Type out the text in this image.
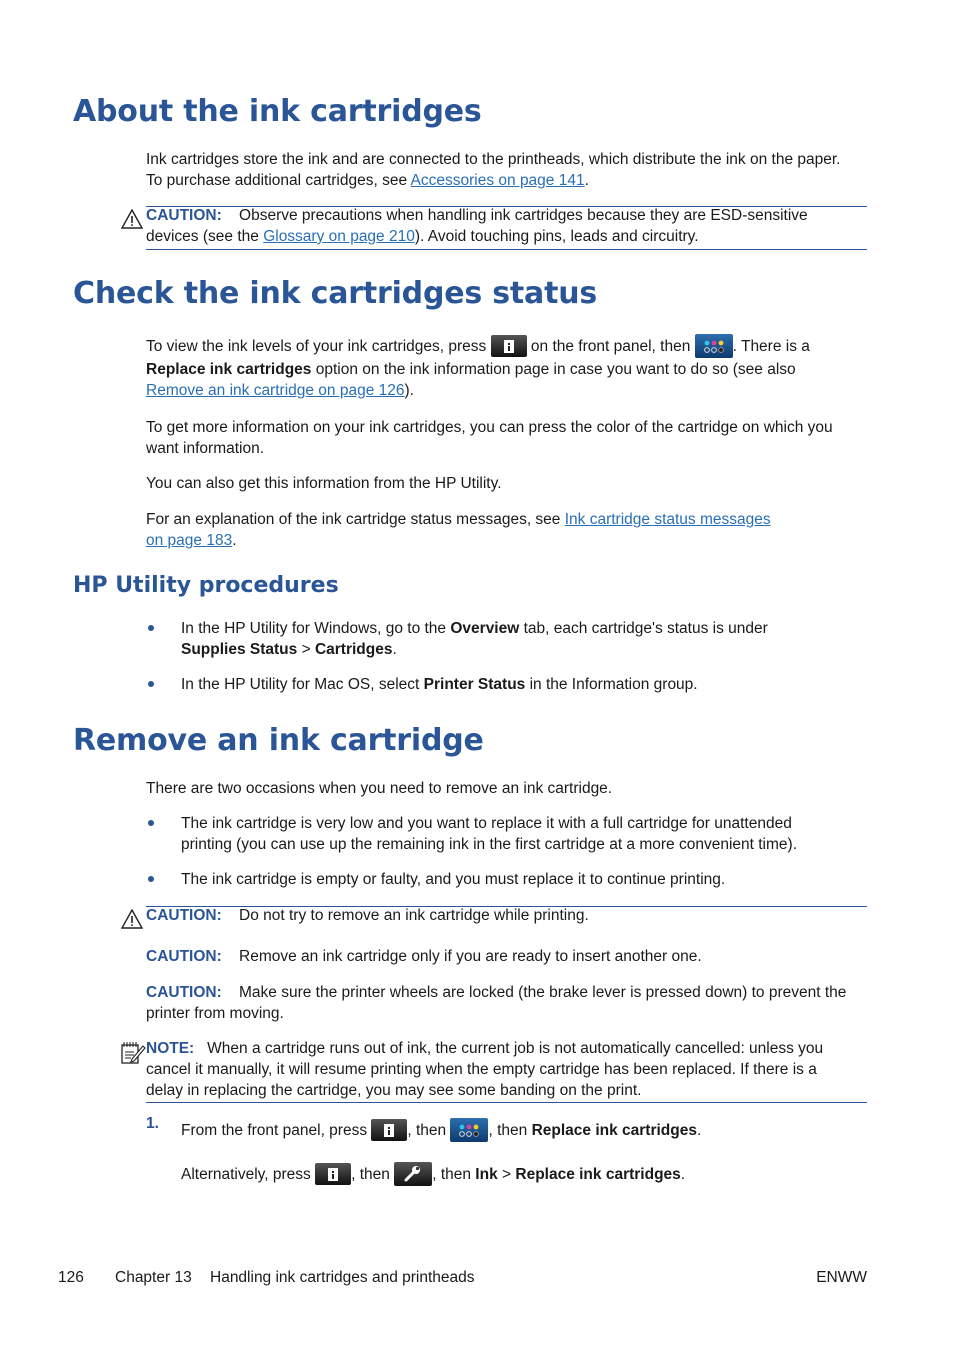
About the ink cartridges

Ink cartridges store the ink and are connected to the printheads, which distribute the ink on the paper.

To purchase additional cartridges, see Accessories on page 141.

CAUTION: Observe precautions when handling ink cartridges because they are ESD-sensitive

devices (see the Glossary on page 210). Avoid touching pins, leads and circuitry.

Check the ink cartridges status

To view the ink levels of your ink cartridges, press
on the front panel, then
. There is a

Replace ink cartridges option on the ink information page in case you want to do so (see also

Remove an ink cartridge on page 126).

To get more information on your ink cartridges, you can press the color of the cartridge on which you

want information.

You can also get this information from the HP Utility.

For an explanation of the ink cartridge status messages, see Ink cartridge status messages

on page 183.

HP Utility procedures

In the HP Utility for Windows, go to the Overview tab, each cartridge's status is under

Supplies Status > Cartridges.

In the HP Utility for Mac OS, select Printer Status in the Information group.

Remove an ink cartridge

There are two occasions when you need to remove an ink cartridge.

The ink cartridge is very low and you want to replace it with a full cartridge for unattended

printing (you can use up the remaining ink in the first cartridge at a more convenient time).

The ink cartridge is empty or faulty, and you must replace it to continue printing.

CAUTION: Do not try to remove an ink cartridge while printing.

CAUTION: Remove an ink cartridge only if you are ready to insert another one.

CAUTION: Make sure the printer wheels are locked (the brake lever is pressed down) to prevent the

printer from moving.

NOTE: When a cartridge runs out of ink, the current job is not automatically cancelled: unless you

cancel it manually, it will resume printing when the empty cartridge has been replaced. If there is a

delay in replacing the cartridge, you may see some banding on the print.

1. From the front panel, press
, then
, then Replace ink cartridges.

Alternatively, press
, then
, then Ink > Replace ink cartridges.

126 Chapter 13 Handling ink cartridges and printheads	ENWW
